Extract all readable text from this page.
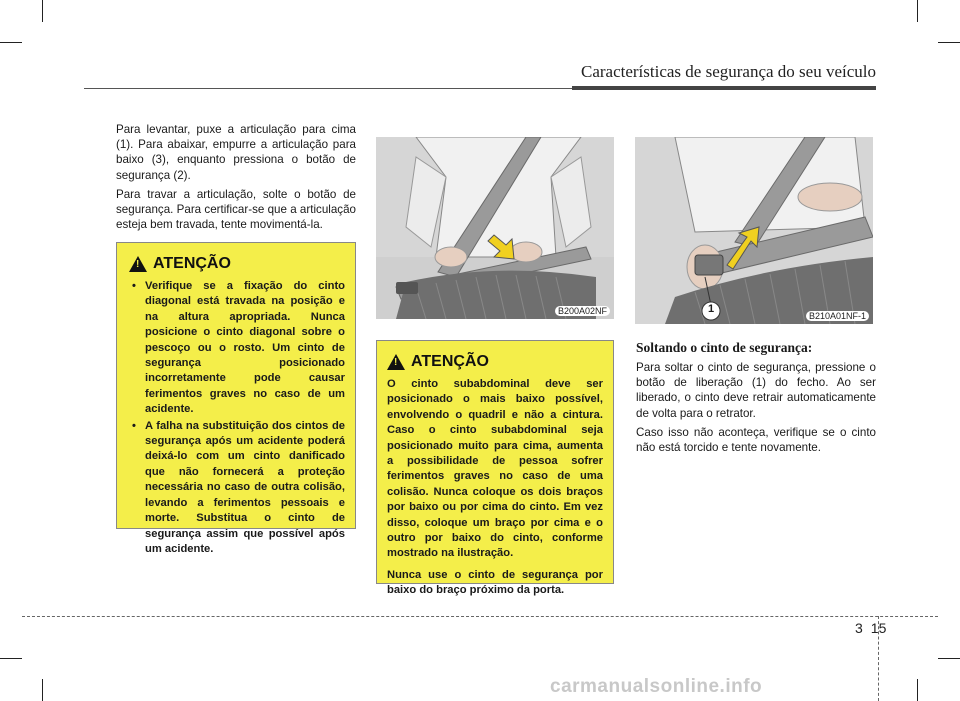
Características de segurança do seu veículo

Para levantar, puxe a articulação para cima (1). Para abaixar, empurre a articulação para baixo (3), enquanto pressiona o botão de segurança (2).

Para travar a articulação, solte o botão de segurança. Para certificar-se que a articulação esteja bem travada, tente movimentá-la.

! ATENÇÃO
• Verifique se a fixação do cinto diagonal está travada na posição e na altura apropriada. Nunca posicione o cinto diagonal sobre o pescoço ou o rosto. Um cinto de segurança posicionado incorretamente pode causar ferimentos graves no caso de um acidente.
• A falha na substituição dos cintos de segurança após um acidente poderá deixá-lo com um cinto danificado que não fornecerá a proteção necessária no caso de outra colisão, levando a ferimentos pessoais e morte. Substitua o cinto de segurança assim que possível após um acidente.
B200A02NF	1
B210A01NF-1
! ATENÇÃO

O cinto subabdominal deve ser posicionado o mais baixo possível, envolvendo o quadril e não a cintura. Caso o cinto subabdominal seja posicionado muito para cima, aumenta a possibilidade de pessoa sofrer ferimentos graves no caso de uma colisão. Nunca coloque os dois braços por baixo ou por cima do cinto. Em vez disso, coloque um braço por cima e o outro por baixo do cinto, conforme mostrado na ilustração.

Nunca use o cinto de segurança por baixo do braço próximo da porta.

Soltando o cinto de segurança:

Para soltar o cinto de segurança, pressione o botão de liberação (1) do fecho. Ao ser liberado, o cinto deve retrair automaticamente de volta para o retrator.

Caso isso não aconteça, verifique se o cinto não está torcido e tente novamente.

3 15
carmanualsonline.info
